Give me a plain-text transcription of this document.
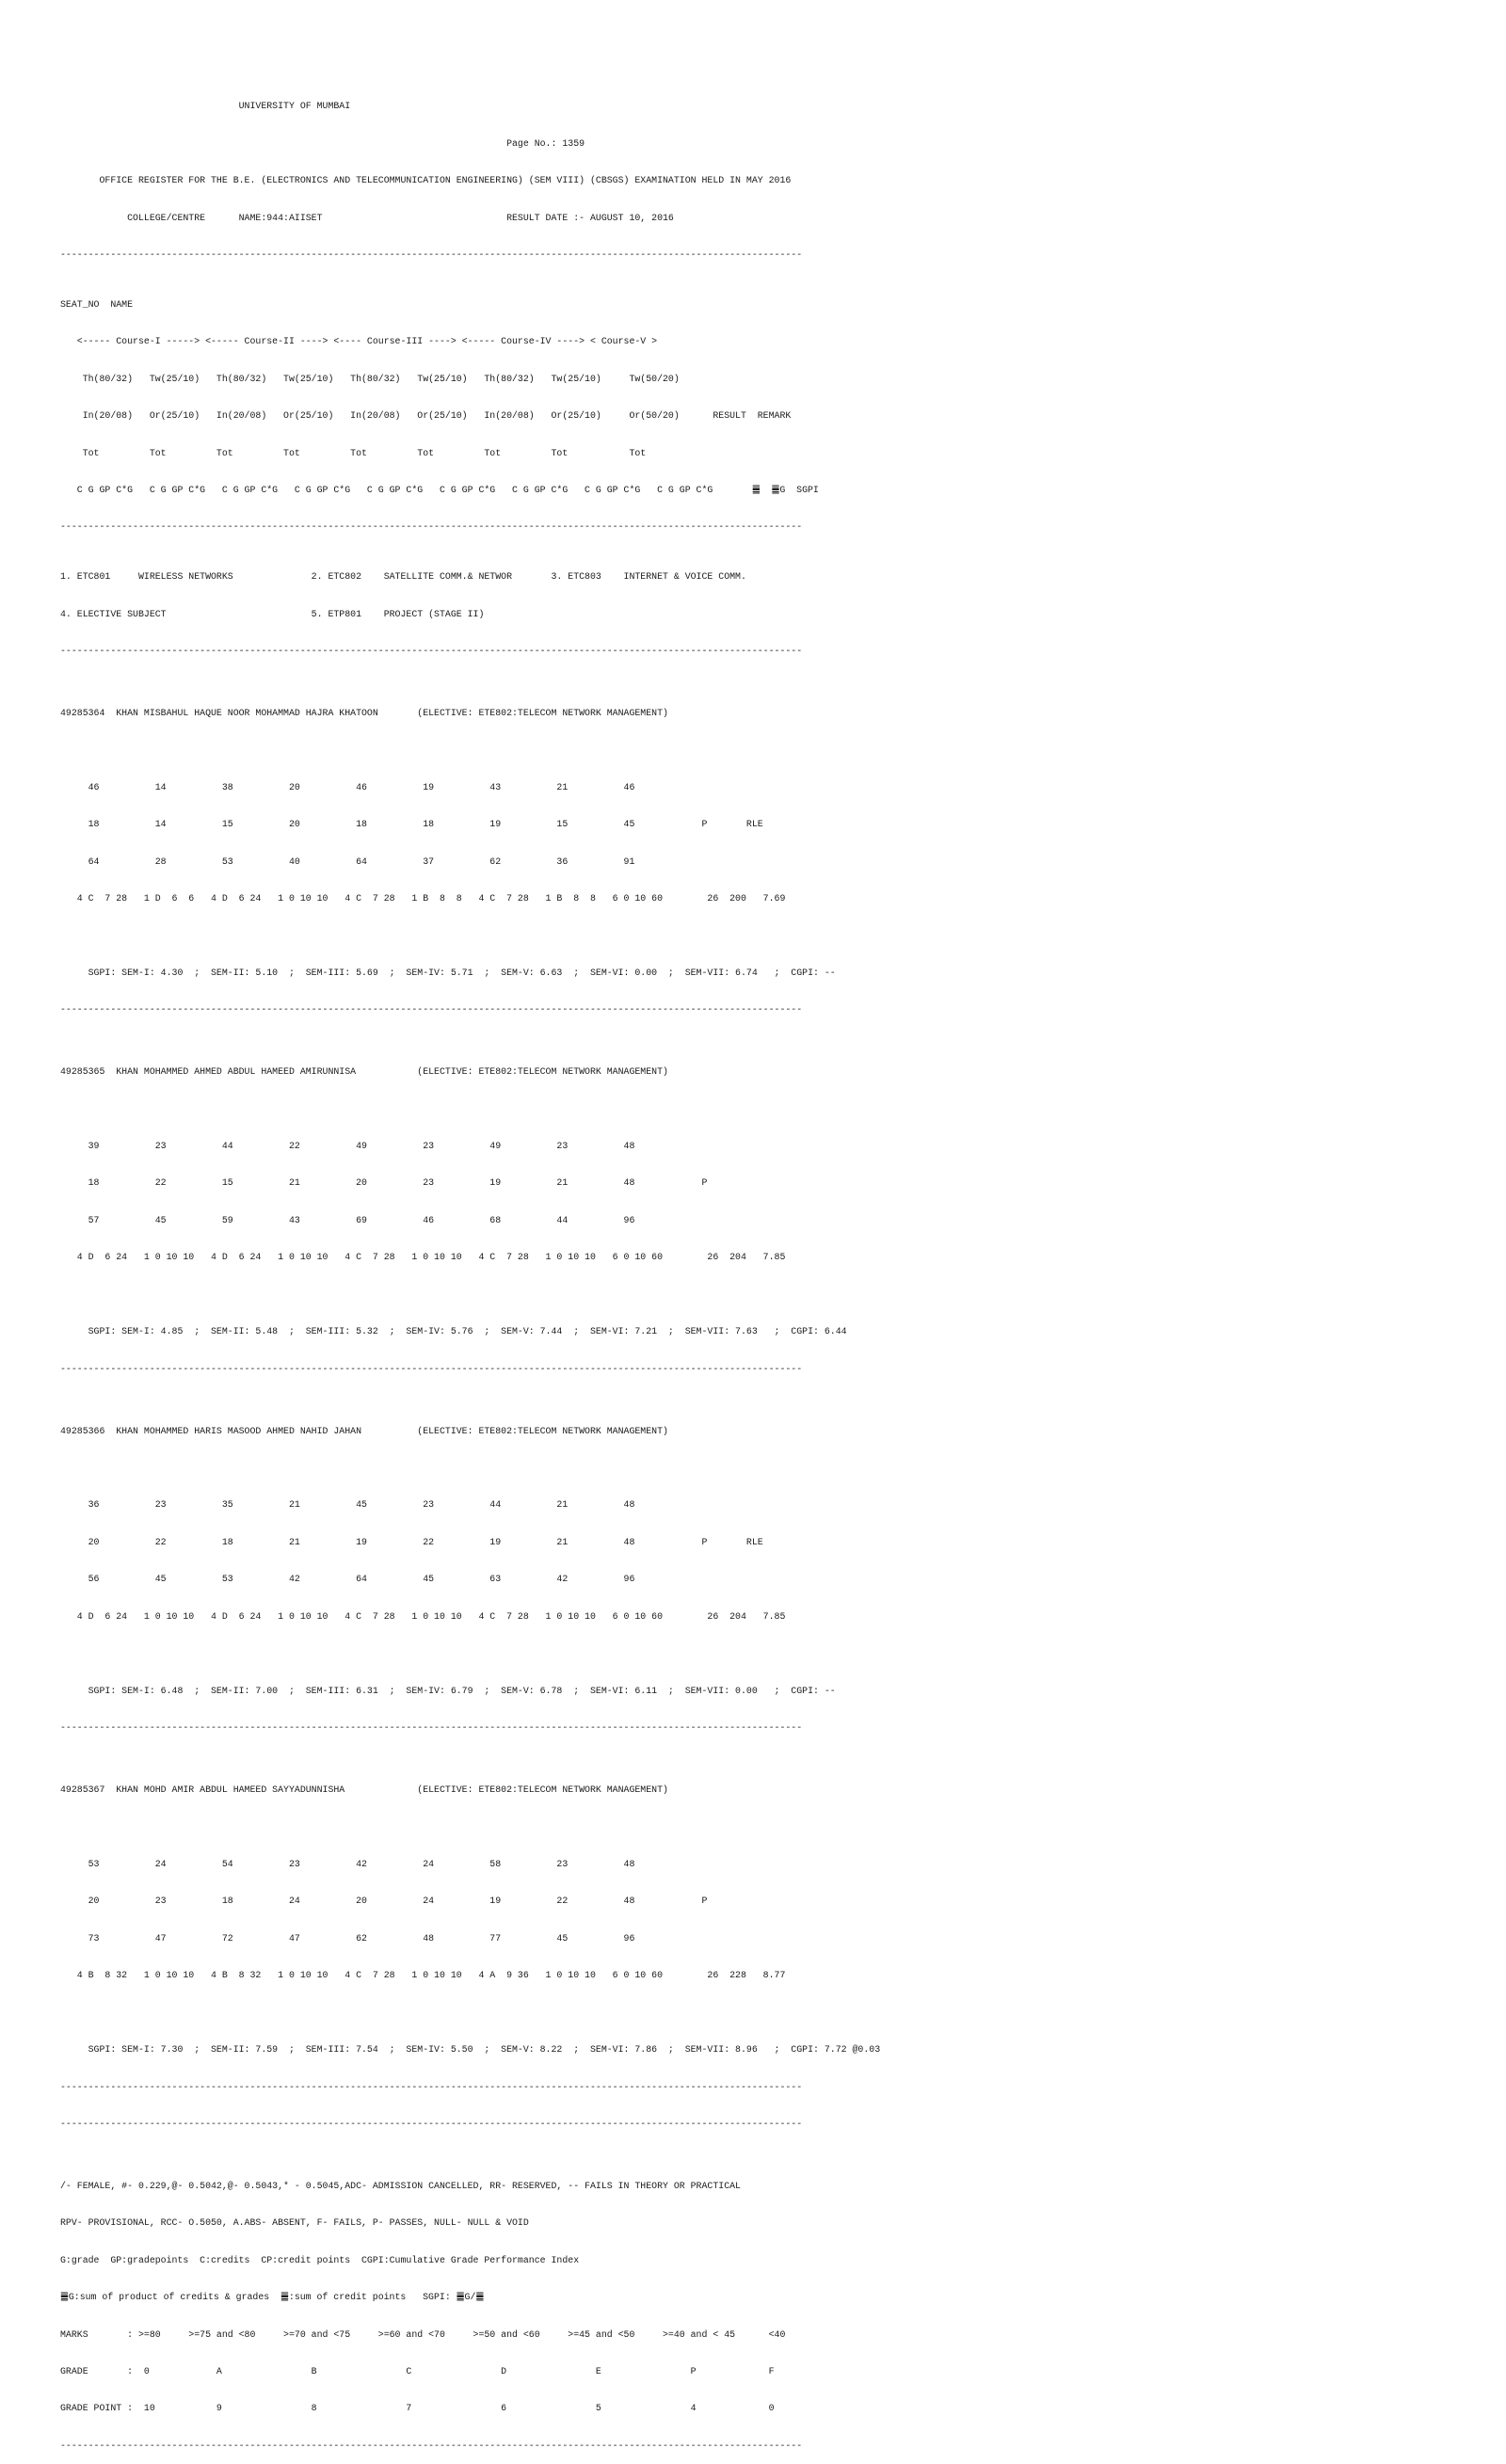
UNIVERSITY OF MUMBAI

Page No.: 1359

OFFICE REGISTER FOR THE B.E. (ELECTRONICS AND TELECOMMUNICATION ENGINEERING) (SEM VIII) (CBSGS) EXAMINATION HELD IN MAY 2016

COLLEGE/CENTRE      NAME:944:AIISET                                 RESULT DATE :- AUGUST 10, 2016

-------------------------------------------------------------------------------------------------------------------------------------

SEAT_NO  NAME

<----- Course-I -----> <----- Course-II ----> <---- Course-III ----> <----- Course-IV ----> < Course-V >

Th(80/32)   Tw(25/10)   Th(80/32)   Tw(25/10)   Th(80/32)   Tw(25/10)   Th(80/32)   Tw(25/10)     Tw(50/20)

In(20/08)   Or(25/10)   In(20/08)   Or(25/10)   In(20/08)   Or(25/10)   In(20/08)   Or(25/10)     Or(50/20)      RESULT  REMARK

Tot         Tot         Tot         Tot         Tot         Tot         Tot         Tot           Tot

C G GP C*G   C G GP C*G   C G GP C*G   C G GP C*G   C G GP C*G   C G GP C*G   C G GP C*G   C G GP C*G   C G GP C*G       ䷀  ䷀G  SGPI

-------------------------------------------------------------------------------------------------------------------------------------

1. ETC801     WIRELESS NETWORKS              2. ETC802    SATELLITE COMM.& NETWOR       3. ETC803    INTERNET & VOICE COMM.

4. ELECTIVE SUBJECT                          5. ETP801    PROJECT (STAGE II)

-------------------------------------------------------------------------------------------------------------------------------------

49285364  KHAN MISBAHUL HAQUE NOOR MOHAMMAD HAJRA KHATOON       (ELECTIVE: ETE802:TELECOM NETWORK MANAGEMENT)

46          14          38          20          46          19          43          21          46

18          14          15          20          18          18          19          15          45            P       RLE

64          28          53          40          64          37          62          36          91

4 C  7 28   1 D  6  6   4 D  6 24   1 0 10 10   4 C  7 28   1 B  8  8   4 C  7 28   1 B  8  8   6 0 10 60        26  200   7.69

SGPI: SEM-I: 4.30  ;  SEM-II: 5.10  ;  SEM-III: 5.69  ;  SEM-IV: 5.71  ;  SEM-V: 6.63  ;  SEM-VI: 0.00  ;  SEM-VII: 6.74   ;  CGPI: --

-------------------------------------------------------------------------------------------------------------------------------------

49285365  KHAN MOHAMMED AHMED ABDUL HAMEED AMIRUNNISA           (ELECTIVE: ETE802:TELECOM NETWORK MANAGEMENT)

39          23          44          22          49          23          49          23          48

18          22          15          21          20          23          19          21          48            P

57          45          59          43          69          46          68          44          96

4 D  6 24   1 0 10 10   4 D  6 24   1 0 10 10   4 C  7 28   1 0 10 10   4 C  7 28   1 0 10 10   6 0 10 60        26  204   7.85

SGPI: SEM-I: 4.85  ;  SEM-II: 5.48  ;  SEM-III: 5.32  ;  SEM-IV: 5.76  ;  SEM-V: 7.44  ;  SEM-VI: 7.21  ;  SEM-VII: 7.63   ;  CGPI: 6.44

-------------------------------------------------------------------------------------------------------------------------------------

49285366  KHAN MOHAMMED HARIS MASOOD AHMED NAHID JAHAN          (ELECTIVE: ETE802:TELECOM NETWORK MANAGEMENT)

36          23          35          21          45          23          44          21          48

20          22          18          21          19          22          19          21          48            P       RLE

56          45          53          42          64          45          63          42          96

4 D  6 24   1 0 10 10   4 D  6 24   1 0 10 10   4 C  7 28   1 0 10 10   4 C  7 28   1 0 10 10   6 0 10 60        26  204   7.85

SGPI: SEM-I: 6.48  ;  SEM-II: 7.00  ;  SEM-III: 6.31  ;  SEM-IV: 6.79  ;  SEM-V: 6.78  ;  SEM-VI: 6.11  ;  SEM-VII: 0.00   ;  CGPI: --

-------------------------------------------------------------------------------------------------------------------------------------

49285367  KHAN MOHD AMIR ABDUL HAMEED SAYYADUNNISHA             (ELECTIVE: ETE802:TELECOM NETWORK MANAGEMENT)

53          24          54          23          42          24          58          23          48

20          23          18          24          20          24          19          22          48            P

73          47          72          47          62          48          77          45          96

4 B  8 32   1 0 10 10   4 B  8 32   1 0 10 10   4 C  7 28   1 0 10 10   4 A  9 36   1 0 10 10   6 0 10 60        26  228   8.77

SGPI: SEM-I: 7.30  ;  SEM-II: 7.59  ;  SEM-III: 7.54  ;  SEM-IV: 5.50  ;  SEM-V: 8.22  ;  SEM-VI: 7.86  ;  SEM-VII: 8.96   ;  CGPI: 7.72 @0.03

-------------------------------------------------------------------------------------------------------------------------------------

-------------------------------------------------------------------------------------------------------------------------------------

/- FEMALE, #- 0.229,@- 0.5042,@- 0.5043,* - 0.5045,ADC- ADMISSION CANCELLED, RR- RESERVED, -- FAILS IN THEORY OR PRACTICAL

RPV- PROVISIONAL, RCC- O.5050, A.ABS- ABSENT, F- FAILS, P- PASSES, NULL- NULL & VOID

G:grade  GP:gradepoints  C:credits  CP:credit points  CGPI:Cumulative Grade Performance Index

䷀G:sum of product of credits & grades  ䷀:sum of credit points   SGPI: ䷀G/䷀

MARKS       : >=80     >=75 and <80     >=70 and <75     >=60 and <70     >=50 and <60     >=45 and <50     >=40 and < 45      <40

GRADE       :  0            A                B                C                D                E                P             F

GRADE POINT :  10           9                8                7                6                5                4             0

-------------------------------------------------------------------------------------------------------------------------------------
